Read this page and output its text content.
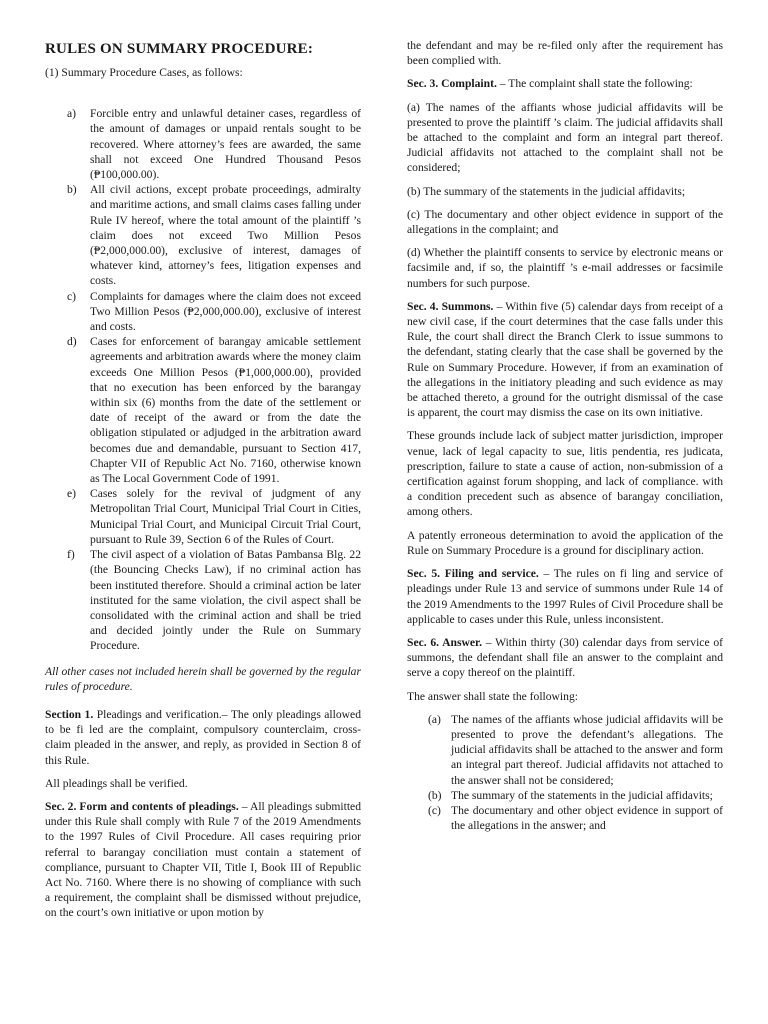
RULES ON SUMMARY PROCEDURE:

(1) Summary Procedure Cases, as follows:

a) Forcible entry and unlawful detainer cases, regardless of the amount of damages or unpaid rentals sought to be recovered. Where attorney’s fees are awarded, the same shall not exceed One Hundred Thousand Pesos (₱100,000.00).
b) All civil actions, except probate proceedings, admiralty and maritime actions, and small claims cases falling under Rule IV hereof, where the total amount of the plaintiff ’s claim does not exceed Two Million Pesos (₱2,000,000.00), exclusive of interest, damages of whatever kind, attorney’s fees, litigation expenses and costs.
c) Complaints for damages where the claim does not exceed Two Million Pesos (₱2,000,000.00), exclusive of interest and costs.
d) Cases for enforcement of barangay amicable settlement agreements and arbitration awards where the money claim exceeds One Million Pesos (₱1,000,000.00), provided that no execution has been enforced by the barangay within six (6) months from the date of the settlement or date of receipt of the award or from the date the obligation stipulated or adjudged in the arbitration award becomes due and demandable, pursuant to Section 417, Chapter VII of Republic Act No. 7160, otherwise known as The Local Government Code of 1991.
e) Cases solely for the revival of judgment of any Metropolitan Trial Court, Municipal Trial Court in Cities, Municipal Trial Court, and Municipal Circuit Trial Court, pursuant to Rule 39, Section 6 of the Rules of Court.
f) The civil aspect of a violation of Batas Pambansa Blg. 22 (the Bouncing Checks Law), if no criminal action has been instituted therefore. Should a criminal action be later instituted for the same violation, the civil aspect shall be consolidated with the criminal action and shall be tried and decided jointly under the Rule on Summary Procedure.

All other cases not included herein shall be governed by the regular rules of procedure.

Section 1. Pleadings and verification.– The only pleadings allowed to be fi led are the complaint, compulsory counterclaim, cross-claim pleaded in the answer, and reply, as provided in Section 8 of this Rule.

All pleadings shall be verified.

Sec. 2. Form and contents of pleadings. – All pleadings submitted under this Rule shall comply with Rule 7 of the 2019 Amendments to the 1997 Rules of Civil Procedure. All cases requiring prior referral to barangay conciliation must contain a statement of compliance, pursuant to Chapter VII, Title I, Book III of Republic Act No. 7160. Where there is no showing of compliance with such a requirement, the complaint shall be dismissed without prejudice, on the court’s own initiative or upon motion by

the defendant and may be re-filed only after the requirement has been complied with.

Sec. 3. Complaint. – The complaint shall state the following:

(a) The names of the affiants whose judicial affidavits will be presented to prove the plaintiff ’s claim. The judicial affidavits shall be attached to the complaint and form an integral part thereof. Judicial affidavits not attached to the complaint shall not be considered;

(b) The summary of the statements in the judicial affidavits;

(c) The documentary and other object evidence in support of the allegations in the complaint; and

(d) Whether the plaintiff consents to service by electronic means or facsimile and, if so, the plaintiff ’s e-mail addresses or facsimile numbers for such purpose.

Sec. 4. Summons. – Within five (5) calendar days from receipt of a new civil case, if the court determines that the case falls under this Rule, the court shall direct the Branch Clerk to issue summons to the defendant, stating clearly that the case shall be governed by the Rule on Summary Procedure. However, if from an examination of the allegations in the initiatory pleading and such evidence as may be attached thereto, a ground for the outright dismissal of the case is apparent, the court may dismiss the case on its own initiative.

These grounds include lack of subject matter jurisdiction, improper venue, lack of legal capacity to sue, litis pendentia, res judicata, prescription, failure to state a cause of action, non-submission of a certification against forum shopping, and lack of compliance. with a condition precedent such as absence of barangay conciliation, among others.

A patently erroneous determination to avoid the application of the Rule on Summary Procedure is a ground for disciplinary action.

Sec. 5. Filing and service. – The rules on fi ling and service of pleadings under Rule 13 and service of summons under Rule 14 of the 2019 Amendments to the 1997 Rules of Civil Procedure shall be applicable to cases under this Rule, unless inconsistent.

Sec. 6. Answer. – Within thirty (30) calendar days from service of summons, the defendant shall file an answer to the complaint and serve a copy thereof on the plaintiff.

The answer shall state the following:

(a) The names of the affiants whose judicial affidavits will be presented to prove the defendant’s allegations. The judicial affidavits shall be attached to the answer and form an integral part thereof. Judicial affidavits not attached to the answer shall not be considered;
(b) The summary of the statements in the judicial affidavits;
(c) The documentary and other object evidence in support of the allegations in the answer; and
